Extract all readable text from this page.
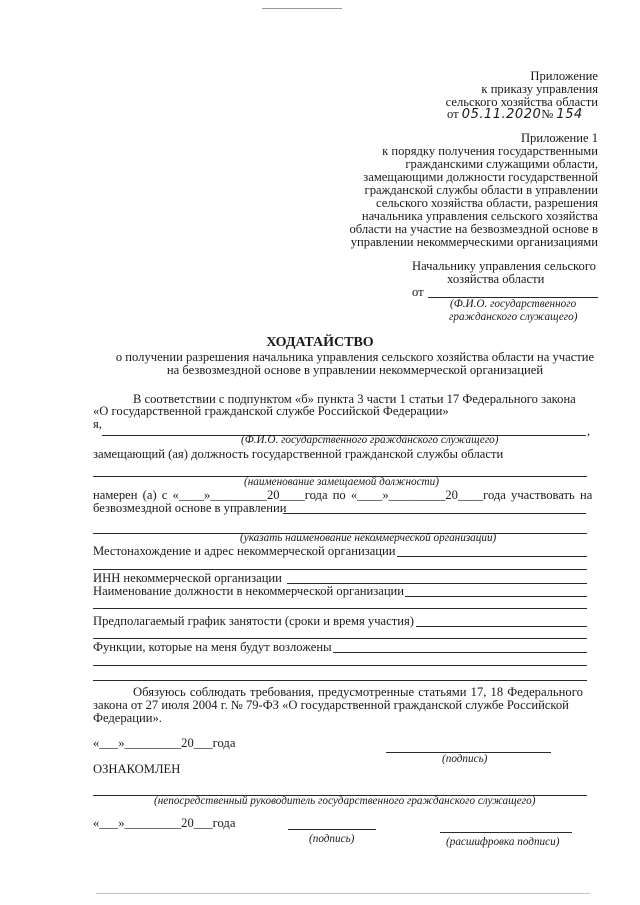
Приложение
к приказу управления
сельского хозяйства области
от 05.11.2020№ 154
Приложение 1
к порядку получения государственными
гражданскими служащими области,
замещающими должности государственной
гражданской службы области в управлении
сельского хозяйства области, разрешения
начальника управления сельского хозяйства
области на участие на безвозмездной основе в
управлении некоммерческими организациями
Начальнику управления сельского
хозяйства области
от
(Ф.И.О. государственного
гражданского служащего)
ХОДАТАЙСТВО
о получении разрешения начальника управления сельского хозяйства области на участие
на безвозмездной основе в управлении некоммерческой организацией
В соответствии с подпунктом «б» пункта 3 части 1 статьи 17 Федерального закона
«О государственной гражданской службе Российской Федерации»
я,	,
(Ф.И.О. государственного гражданского служащего)
замещающий (ая) должность государственной гражданской службы области
(наименование замещаемой должности)
намерен (а) с «____»_________20____года по «____»_________20____года участвовать на
безвозмездной основе в управлении
(указать наименование некоммерческой организации)
Местонахождение и адрес некоммерческой организации
ИНН некоммерческой организации
Наименование должности в некоммерческой организации
Предполагаемый график занятости (сроки и время участия)
Функции, которые на меня будут возложены
Обязуюсь соблюдать требования, предусмотренные статьями 17, 18 Федерального
закона от 27 июля 2004 г. № 79-ФЗ «О государственной гражданской службе Российской
Федерации».
«___»_________20___года
(подпись)
ОЗНАКОМЛЕН
(непосредственный руководитель государственного гражданского служащего)
«___»_________20___года
(подпись)	(расшифровка подписи)
